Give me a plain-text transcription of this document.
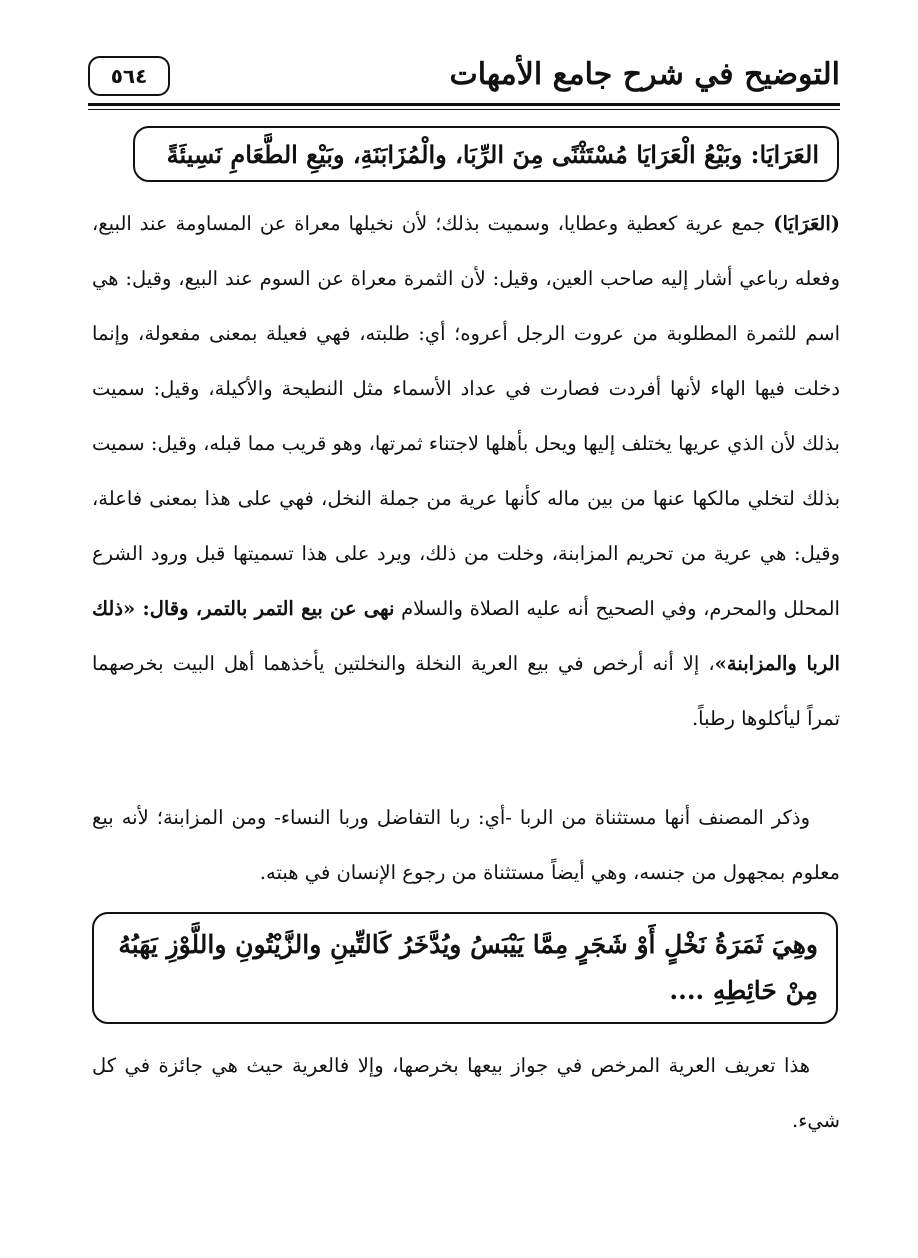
التوضيح في شرح جامع الأمهات
٥٦٤
العَرَايَا: وبَيْعُ الْعَرَايَا مُسْتَثْنًى مِنَ الرِّبَا، والْمُزَابَنَةِ، وبَيْعِ الطَّعَامِ نَسِيئَةً
(العَرَايَا) جمع عرية كعطية وعطايا، وسميت بذلك؛ لأن نخيلها معراة عن المساومة عند البيع، وفعله رباعي أشار إليه صاحب العين، وقيل: لأن الثمرة معراة عن السوم عند البيع، وقيل: هي اسم للثمرة المطلوبة من عروت الرجل أعروه؛ أي: طلبته، فهي فعيلة بمعنى مفعولة، وإنما دخلت فيها الهاء لأنها أفردت فصارت في عداد الأسماء مثل النطيحة والأكيلة، وقيل: سميت بذلك لأن الذي عريها يختلف إليها ويحل بأهلها لاجتناء ثمرتها، وهو قريب مما قبله، وقيل: سميت بذلك لتخلي مالكها عنها من بين ماله كأنها عرية من جملة النخل، فهي على هذا بمعنى فاعلة، وقيل: هي عرية من تحريم المزابنة، وخلت من ذلك، ويرد على هذا تسميتها قبل ورود الشرع المحلل والمحرم، وفي الصحيح أنه عليه الصلاة والسلام نهى عن بيع التمر بالتمر، وقال: «ذلك الربا والمزابنة»، إلا أنه أرخص في بيع العرية النخلة والنخلتين يأخذهما أهل البيت بخرصهما تمراً ليأكلوها رطباً.
وذكر المصنف أنها مستثناة من الربا -أي: ربا التفاضل وربا النساء- ومن المزابنة؛ لأنه بيع معلوم بمجهول من جنسه، وهي أيضاً مستثناة من رجوع الإنسان في هبته.
وهِيَ ثَمَرَةُ نَخْلٍ أَوْ شَجَرٍ مِمَّا يَيْبَسُ ويُدَّخَرُ كَالتِّينِ والزَّيْتُونِ واللَّوْزِ يَهَبُهُ مِنْ حَائِطِهِ ....
هذا تعريف العرية المرخص في جواز بيعها بخرصها، وإلا فالعرية حيث هي جائزة في كل شيء.
